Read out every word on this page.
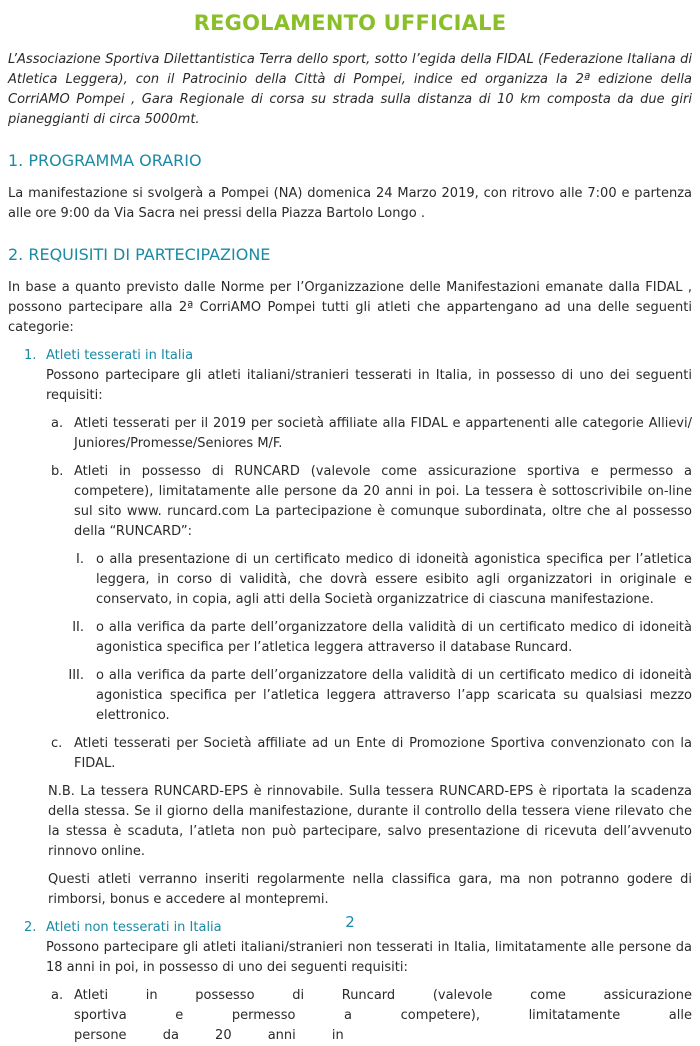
REGOLAMENTO UFFICIALE

L’Associazione Sportiva Dilettantistica Terra dello sport, sotto l’egida della FIDAL (Federazione Italiana di Atletica Leggera), con il Patrocinio della Città di Pompei, indice ed organizza la 2ª edizione della CorriAMO Pompei , Gara Regionale di corsa su strada sulla distanza di 10 km composta da due giri pianeggianti di circa 5000mt.

1. PROGRAMMA ORARIO

La manifestazione si svolgerà a Pompei (NA) domenica 24 Marzo 2019, con ritrovo alle 7:00 e partenza alle ore 9:00 da Via Sacra nei pressi della Piazza Bartolo Longo .

2. REQUISITI DI PARTECIPAZIONE

In base a quanto previsto dalle Norme per l’Organizzazione delle Manifestazioni emanate dalla FIDAL , possono partecipare alla 2ª CorriAMO Pompei tutti gli atleti che appartengano ad una delle seguenti categorie:

1. Atleti tesserati in Italia

Possono partecipare gli atleti italiani/stranieri tesserati in Italia, in possesso di uno dei seguenti requisiti:

a. Atleti tesserati per il 2019 per società affiliate alla FIDAL e appartenenti alle categorie Allievi/ Juniores/Promesse/Seniores M/F.

b. Atleti in possesso di RUNCARD (valevole come assicurazione sportiva e permesso a competere), limitatamente alle persone da 20 anni in poi. La tessera è sottoscrivibile on-line sul sito www. runcard.com La partecipazione è comunque subordinata, oltre che al possesso della “RUNCARD”:

I. o alla presentazione di un certificato medico di idoneità agonistica specifica per l’atletica leggera, in corso di validità, che dovrà essere esibito agli organizzatori in originale e conservato, in copia, agli atti della Società organizzatrice di ciascuna manifestazione.

II. o alla verifica da parte dell’organizzatore della validità di un certificato medico di idoneità agonistica specifica per l’atletica leggera attraverso il database Runcard.

III. o alla verifica da parte dell’organizzatore della validità di un certificato medico di idoneità agonistica specifica per l’atletica leggera attraverso l’app scaricata su qualsiasi mezzo elettronico.

c. Atleti tesserati per Società affiliate ad un Ente di Promozione Sportiva convenzionato con la FIDAL.

N.B. La tessera RUNCARD-EPS è rinnovabile. Sulla tessera RUNCARD-EPS è riportata la scadenza della stessa. Se il giorno della manifestazione, durante il controllo della tessera viene rilevato che la stessa è scaduta, l’atleta non può partecipare, salvo presentazione di ricevuta dell’avvenuto rinnovo online.

Questi atleti verranno inseriti regolarmente nella classifica gara, ma non potranno godere di rimborsi, bonus e accedere al montepremi.

2. Atleti non tesserati in Italia

Possono partecipare gli atleti italiani/stranieri non tesserati in Italia, limitatamente alle persone da 18 anni in poi, in possesso di uno dei seguenti requisiti:

a. Atleti in possesso di Runcard (valevole come assicurazione sportiva e permesso a competere), limitatamente alle persone da 20 anni in

2
